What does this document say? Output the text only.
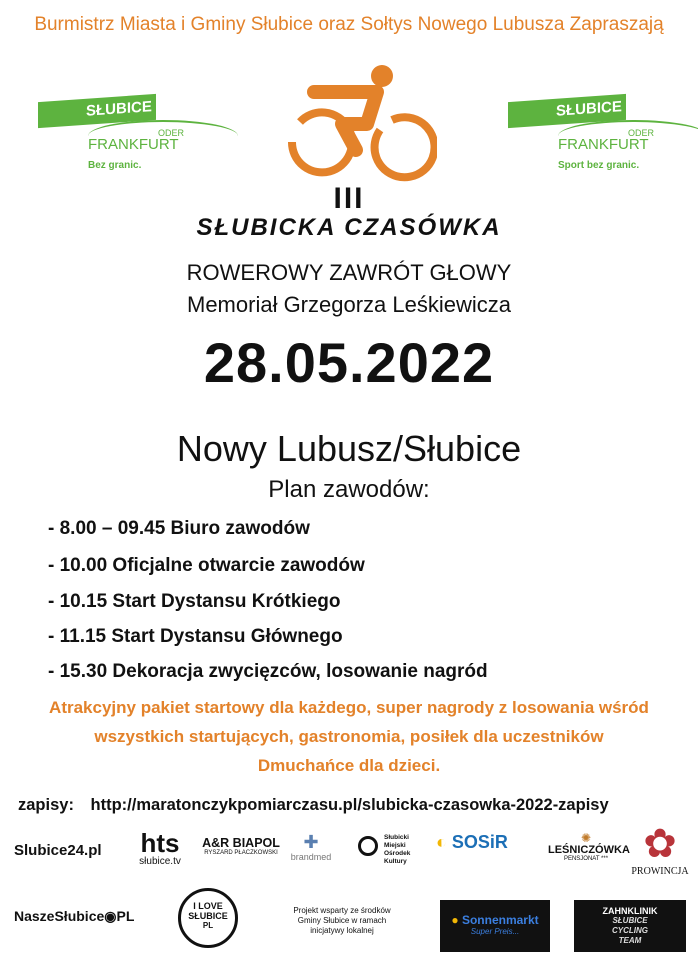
Burmistrz Miasta i Gminy Słubice oraz Sołtys Nowego Lubusza Zapraszają
SŁUBICE
ODER
FRANKFURT
Bez granic.
SŁUBICE
ODER
FRANKFURT
Sport bez granic.
III
SŁUBICKA CZASÓWKA
ROWEROWY ZAWRÓT GŁOWY
Memoriał Grzegorza Leśkiewicza
28.05.2022
Nowy Lubusz/Słubice
Plan zawodów:
- 8.00 – 09.45 Biuro zawodów
- 10.00 Oficjalne otwarcie zawodów
- 10.15 Start Dystansu Krótkiego
- 11.15 Start Dystansu Głównego
- 15.30 Dekoracja zwycięzców, losowanie nagród
Atrakcyjny pakiet startowy dla każdego, super nagrody z losowania wśród
wszystkich startujących, gastronomia, posiłek dla uczestników
Dmuchańce dla dzieci.
zapisy: http://maratonczykpomiarczasu.pl/slubicka-czasowka-2022-zapisy
Slubice24.pl	hts
słubice.tv
A&R BIAPOL
RYSZARD PŁACZKOWSKI
✚
brandmed
Słubicki
Miejski
Ośrodek
Kultury
◐ SOSiR	✺
LEŚNICZÓWKA
PENSJONAT *** ✿
PROWINCJA
NaszeSłubice◉PL
I LOVE
SŁUBICE
PL
Projekt wsparty ze środków
Gminy Słubice w ramach
inicjatywy lokalnej
● Sonnenmarkt
Super Preis...
ZAHNKLINIK
SŁUBICE
CYCLING
TEAM
